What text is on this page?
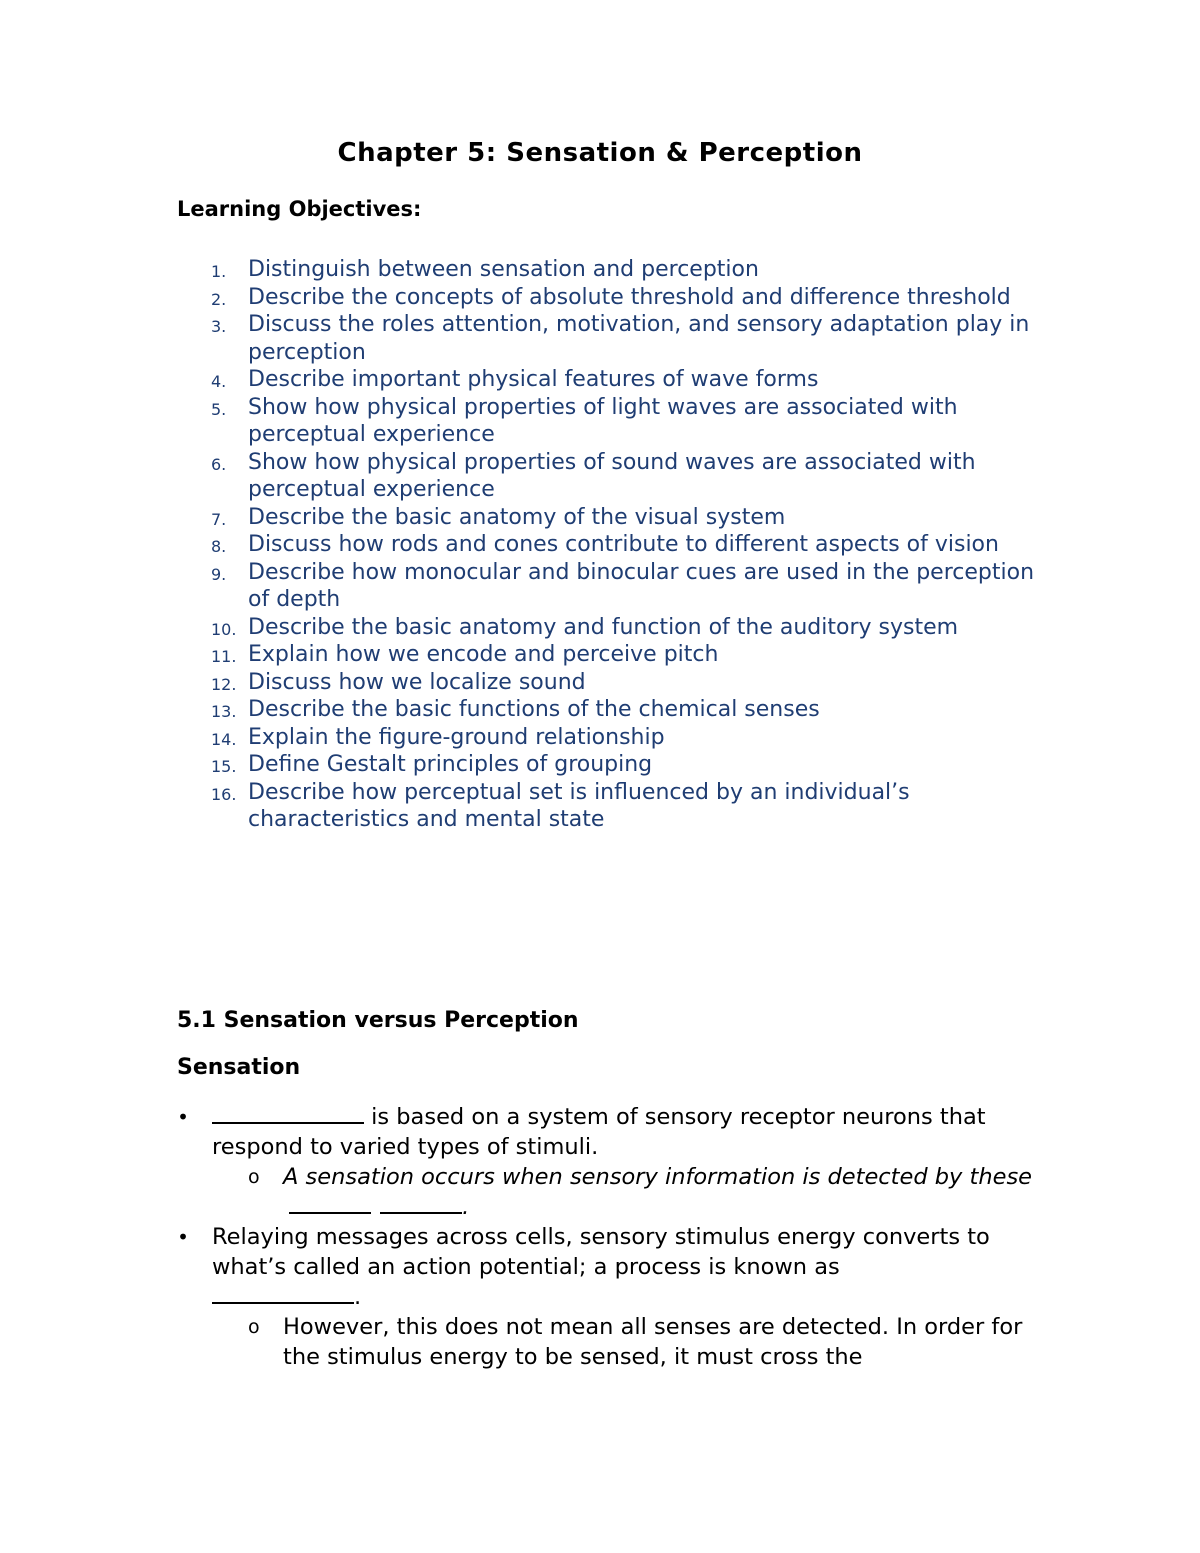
Chapter 5: Sensation & Perception
Learning Objectives:
1. Distinguish between sensation and perception
2. Describe the concepts of absolute threshold and difference threshold
3. Discuss the roles attention, motivation, and sensory adaptation play in perception
4. Describe important physical features of wave forms
5. Show how physical properties of light waves are associated with perceptual experience
6. Show how physical properties of sound waves are associated with perceptual experience
7. Describe the basic anatomy of the visual system
8. Discuss how rods and cones contribute to different aspects of vision
9. Describe how monocular and binocular cues are used in the perception of depth
10. Describe the basic anatomy and function of the auditory system
11. Explain how we encode and perceive pitch
12. Discuss how we localize sound
13. Describe the basic functions of the chemical senses
14. Explain the figure-ground relationship
15. Define Gestalt principles of grouping
16. Describe how perceptual set is influenced by an individual’s characteristics and mental state
5.1 Sensation versus Perception
Sensation
•	is based on a system of sensory receptor neurons that respond to varied types of stimuli.
o A sensation occurs when sensory information is detected by these  .
• Relaying messages across cells, sensory stimulus energy converts to what’s called an action potential; a process is known as
.
o However, this does not mean all senses are detected. In order for the stimulus energy to be sensed, it must cross the
